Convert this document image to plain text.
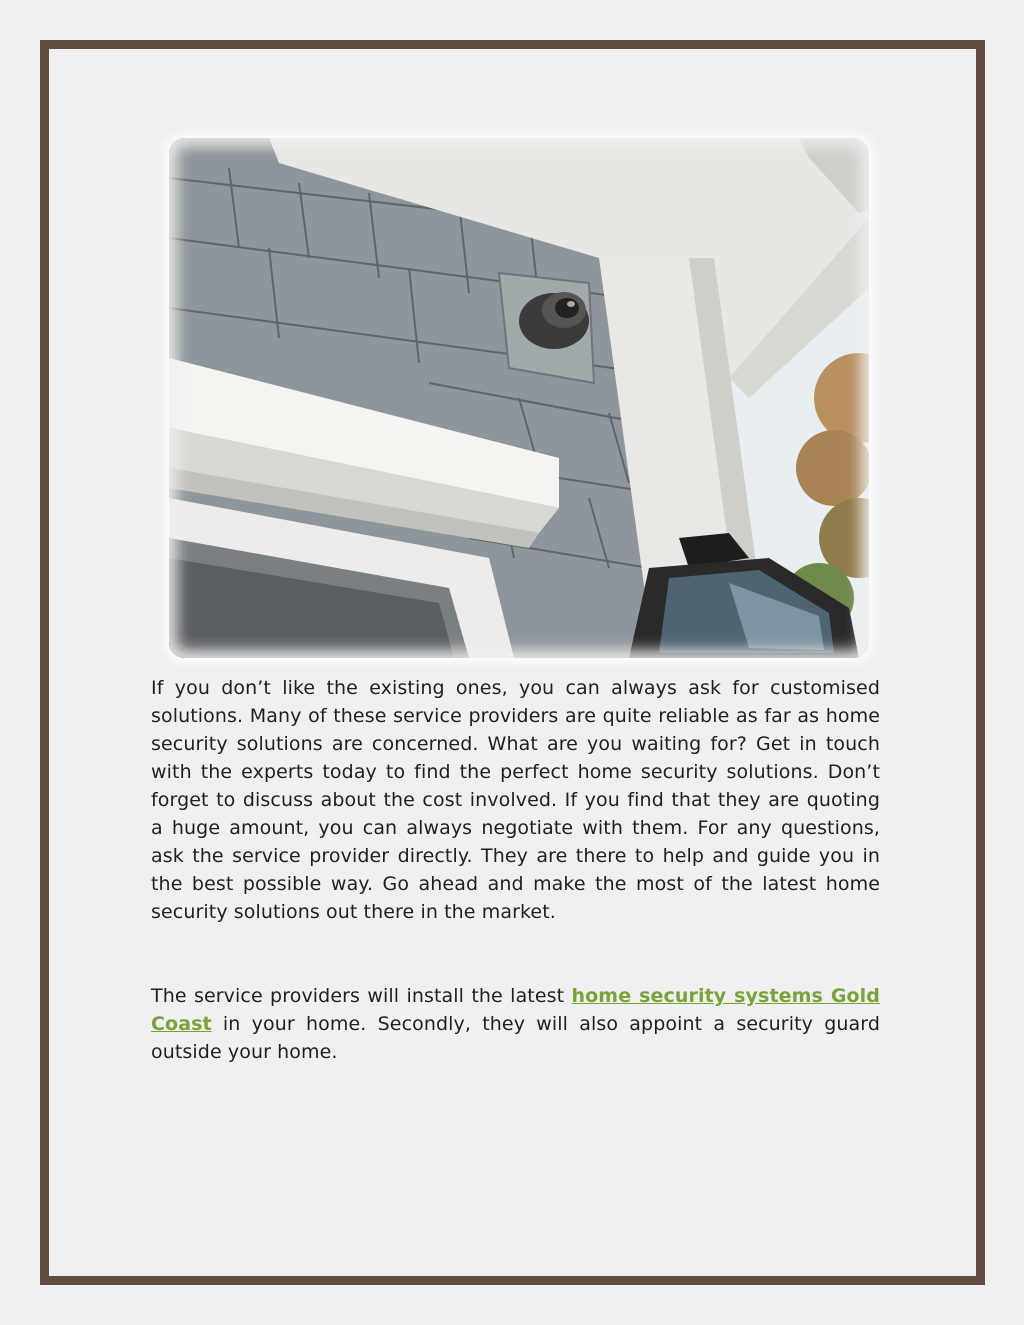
If you don’t like the existing ones, you can always ask for customised solutions. Many of these service providers are quite reliable as far as home security solutions are concerned. What are you waiting for? Get in touch with the experts today to find the perfect home security solutions. Don’t forget to discuss about the cost involved. If you find that they are quoting a huge amount, you can always negotiate with them. For any questions, ask the service provider directly. They are there to help and guide you in the best possible way. Go ahead and make the most of the latest home security solutions out there in the market.

The service providers will install the latest home security systems Gold Coast in your home. Secondly, they will also appoint a security guard outside your home.
